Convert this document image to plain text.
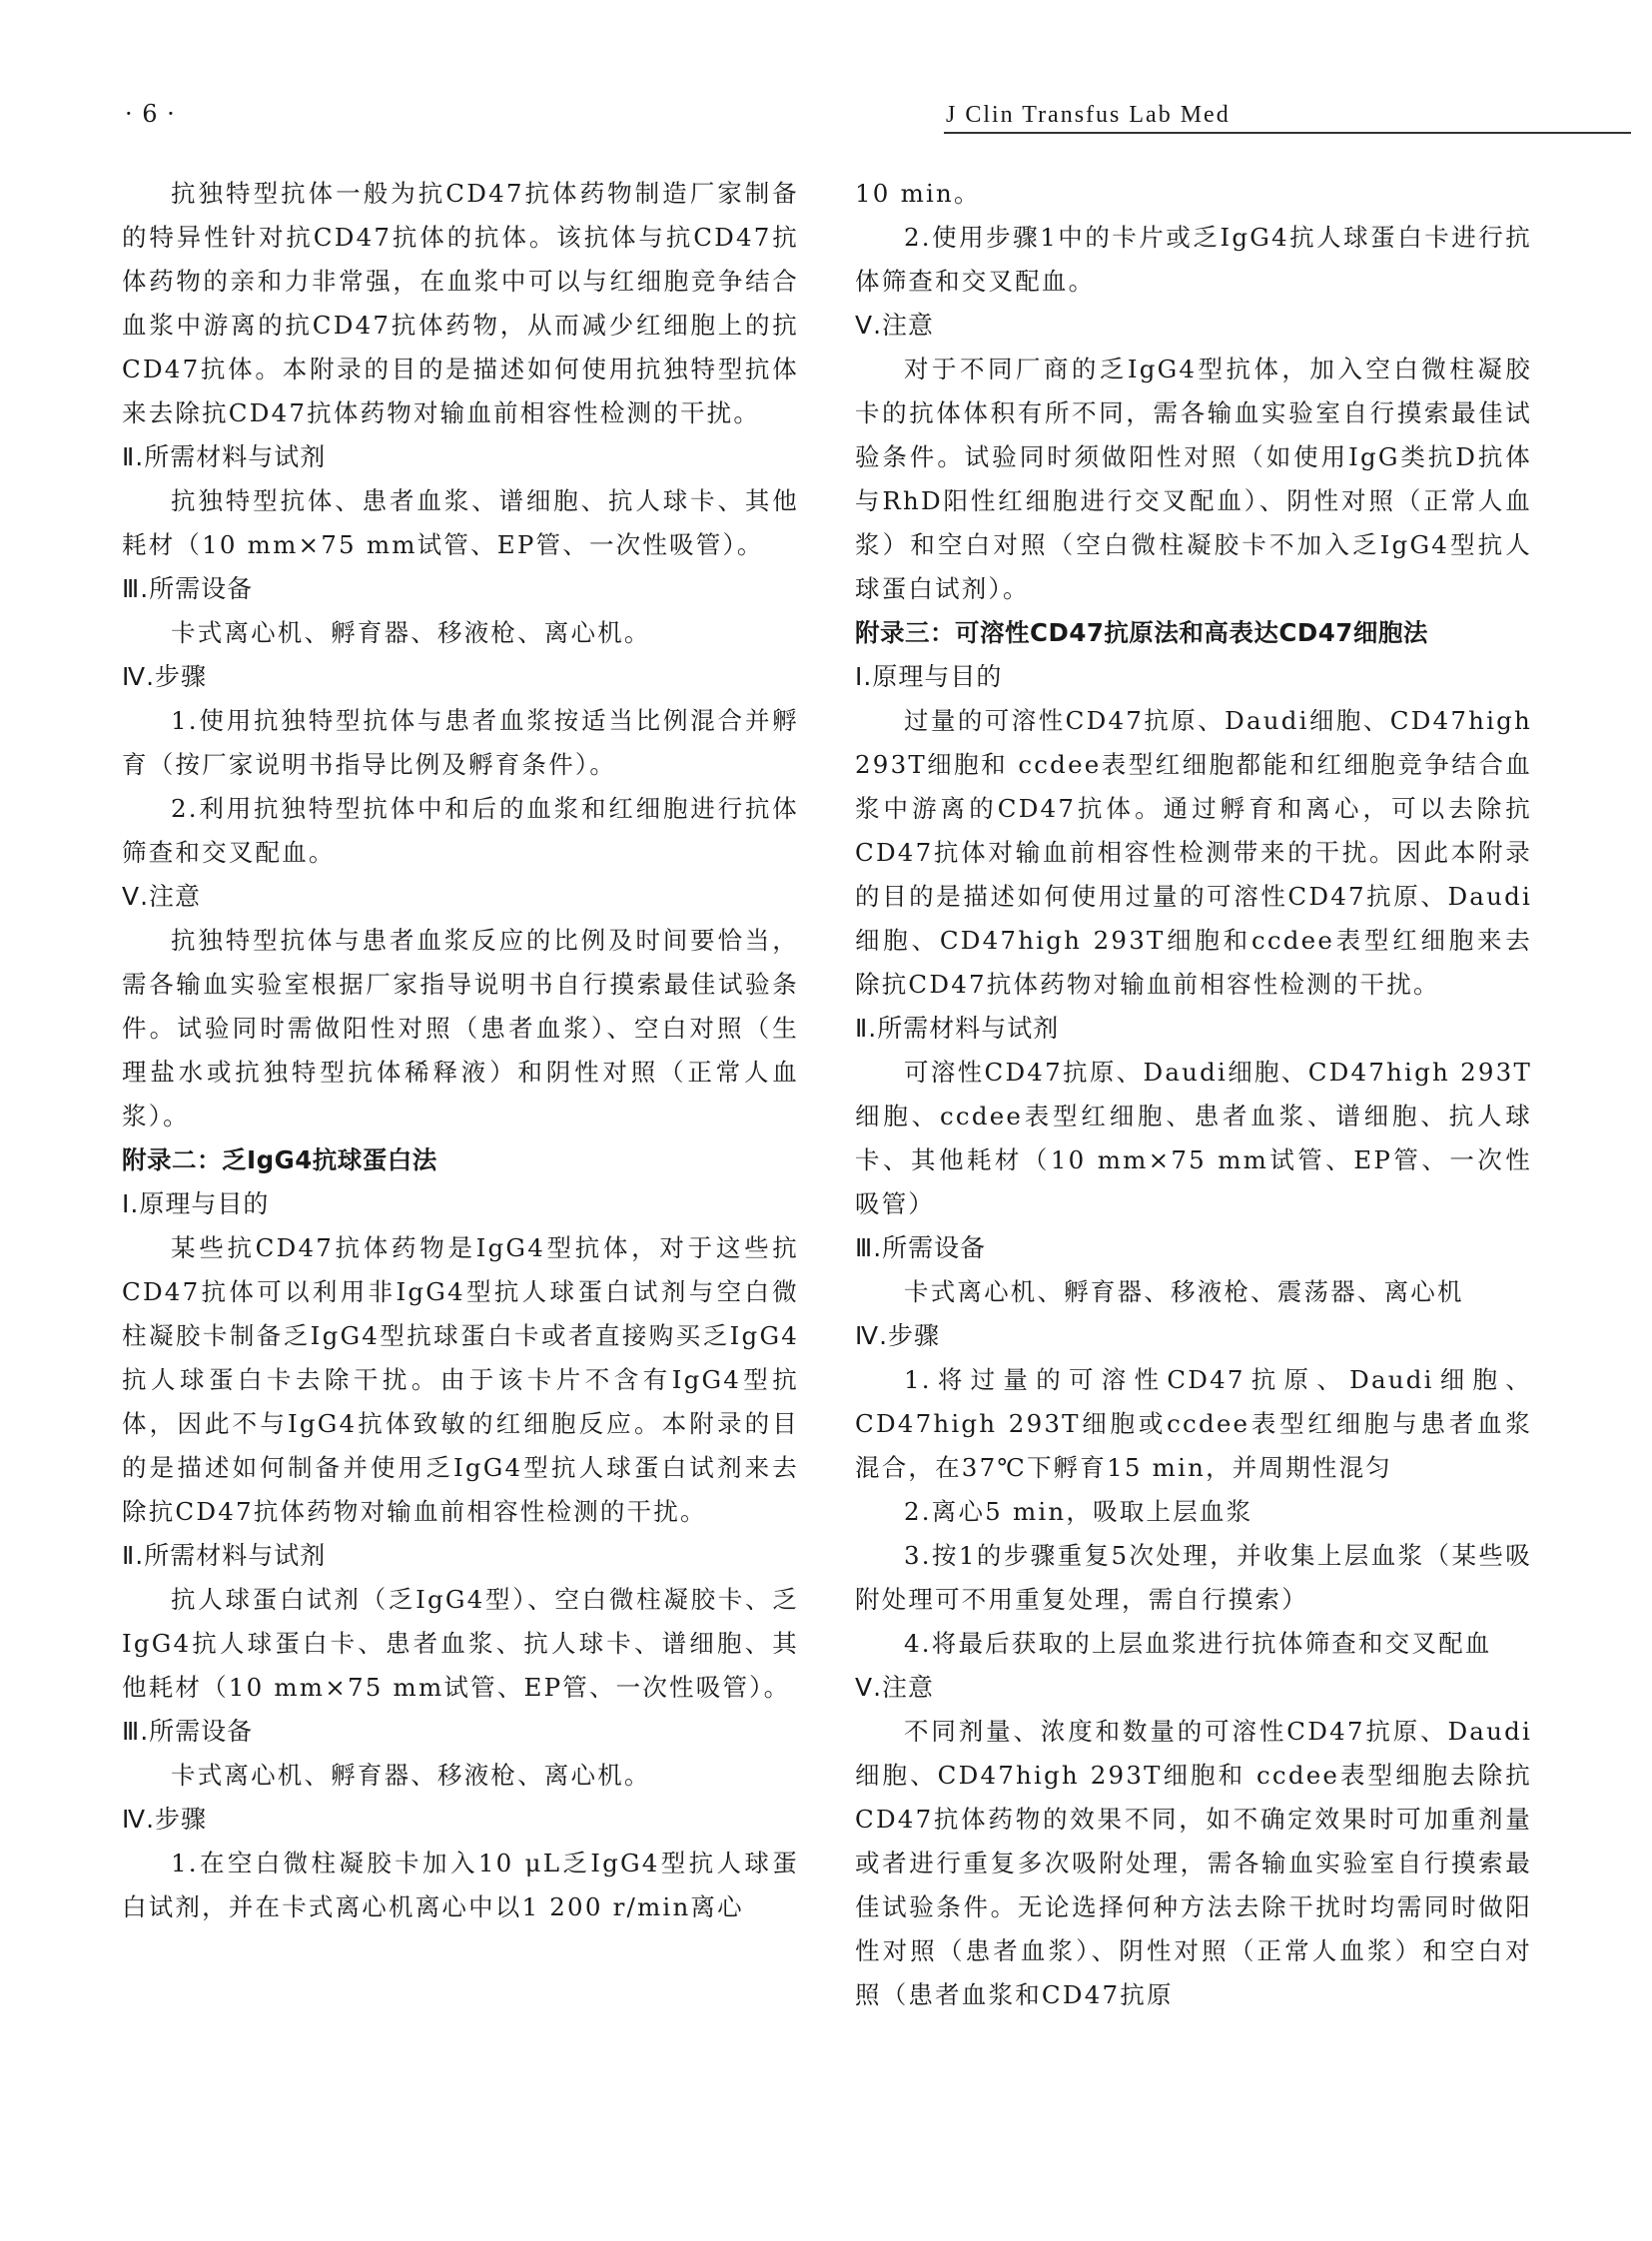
· 6 ·	J Clin Transfus Lab Med

抗独特型抗体一般为抗CD47抗体药物制造厂家制备的特异性针对抗CD47抗体的抗体。该抗体与抗CD47抗体药物的亲和力非常强，在血浆中可以与红细胞竞争结合血浆中游离的抗CD47抗体药物，从而减少红细胞上的抗CD47抗体。本附录的目的是描述如何使用抗独特型抗体来去除抗CD47抗体药物对输血前相容性检测的干扰。

Ⅱ.所需材料与试剂

抗独特型抗体、患者血浆、谱细胞、抗人球卡、其他耗材（10 mm×75 mm试管、EP管、一次性吸管）。

Ⅲ.所需设备

卡式离心机、孵育器、移液枪、离心机。

Ⅳ.步骤

1.使用抗独特型抗体与患者血浆按适当比例混合并孵育（按厂家说明书指导比例及孵育条件）。

2.利用抗独特型抗体中和后的血浆和红细胞进行抗体筛查和交叉配血。

Ⅴ.注意

抗独特型抗体与患者血浆反应的比例及时间要恰当，需各输血实验室根据厂家指导说明书自行摸索最佳试验条件。试验同时需做阳性对照（患者血浆）、空白对照（生理盐水或抗独特型抗体稀释液）和阴性对照（正常人血浆）。

附录二：乏IgG4抗球蛋白法
Ⅰ.原理与目的

某些抗CD47抗体药物是IgG4型抗体，对于这些抗CD47抗体可以利用非IgG4型抗人球蛋白试剂与空白微柱凝胶卡制备乏IgG4型抗球蛋白卡或者直接购买乏IgG4抗人球蛋白卡去除干扰。由于该卡片不含有IgG4型抗体，因此不与IgG4抗体致敏的红细胞反应。本附录的目的是描述如何制备并使用乏IgG4型抗人球蛋白试剂来去除抗CD47抗体药物对输血前相容性检测的干扰。

Ⅱ.所需材料与试剂

抗人球蛋白试剂（乏IgG4型）、空白微柱凝胶卡、乏IgG4抗人球蛋白卡、患者血浆、抗人球卡、谱细胞、其他耗材（10 mm×75 mm试管、EP管、一次性吸管）。

Ⅲ.所需设备

卡式离心机、孵育器、移液枪、离心机。

Ⅳ.步骤

1.在空白微柱凝胶卡加入10 μL乏IgG4型抗人球蛋白试剂，并在卡式离心机离心中以1 200 r/min离心

10 min。

2.使用步骤1中的卡片或乏IgG4抗人球蛋白卡进行抗体筛查和交叉配血。

Ⅴ.注意

对于不同厂商的乏IgG4型抗体，加入空白微柱凝胶卡的抗体体积有所不同，需各输血实验室自行摸索最佳试验条件。试验同时须做阳性对照（如使用IgG类抗D抗体与RhD阳性红细胞进行交叉配血）、阴性对照（正常人血浆）和空白对照（空白微柱凝胶卡不加入乏IgG4型抗人球蛋白试剂）。

附录三：可溶性CD47抗原法和高表达CD47细胞法
Ⅰ.原理与目的

过量的可溶性CD47抗原、Daudi细胞、CD47high 293T细胞和 ccdee表型红细胞都能和红细胞竞争结合血浆中游离的CD47抗体。通过孵育和离心，可以去除抗CD47抗体对输血前相容性检测带来的干扰。因此本附录的目的是描述如何使用过量的可溶性CD47抗原、Daudi细胞、CD47high 293T细胞和ccdee表型红细胞来去除抗CD47抗体药物对输血前相容性检测的干扰。

Ⅱ.所需材料与试剂

可溶性CD47抗原、Daudi细胞、CD47high 293T细胞、ccdee表型红细胞、患者血浆、谱细胞、抗人球卡、其他耗材（10 mm×75 mm试管、EP管、一次性吸管）

Ⅲ.所需设备

卡式离心机、孵育器、移液枪、震荡器、离心机

Ⅳ.步骤

1.将过量的可溶性CD47抗原、Daudi细胞、CD47high 293T细胞或ccdee表型红细胞与患者血浆混合，在37℃下孵育15 min，并周期性混匀

2.离心5 min，吸取上层血浆

3.按1的步骤重复5次处理，并收集上层血浆（某些吸附处理可不用重复处理，需自行摸索）

4.将最后获取的上层血浆进行抗体筛查和交叉配血

Ⅴ.注意

不同剂量、浓度和数量的可溶性CD47抗原、Daudi细胞、CD47high 293T细胞和 ccdee表型细胞去除抗CD47抗体药物的效果不同，如不确定效果时可加重剂量或者进行重复多次吸附处理，需各输血实验室自行摸索最佳试验条件。无论选择何种方法去除干扰时均需同时做阳性对照（患者血浆）、阴性对照（正常人血浆）和空白对照（患者血浆和CD47抗原
